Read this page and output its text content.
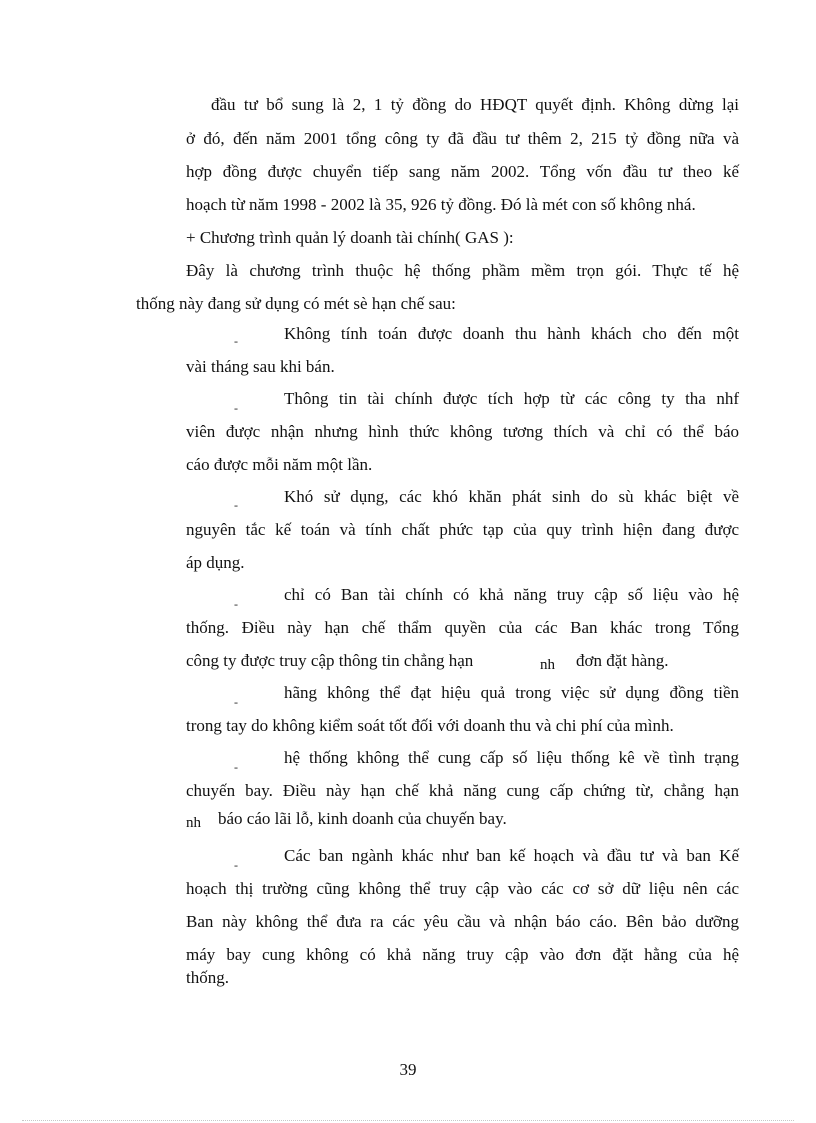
đầu tư bổ sung là 2, 1 tỷ đồng do HĐQT quyết định. Không dừng lại
ở đó, đến năm 2001 tổng công ty đã đầu tư thêm 2, 215 tỷ đồng nữa và
hợp đồng được chuyển tiếp sang năm 2002. Tổng vốn đầu tư theo kế
hoạch từ năm 1998 - 2002 là 35, 926 tỷ đồng. Đó là mét con số không nhá.
+ Chương trình quản lý doanh tài chính( GAS ):
Đây là chương trình thuộc hệ thống phầm mềm trọn gói. Thực tế hệ
thống này đang sử dụng có mét sè hạn chế sau:
-	Không tính toán được doanh thu hành khách cho đến một
vài tháng sau khi bán.
-	Thông tin tài chính được tích hợp từ các công ty tha nhf
viên được nhận nhưng hình thức không tương thích và chỉ có thể báo
cáo được mỗi năm một lần.
-	Khó sử dụng, các khó khăn phát sinh do sù khác biệt về
nguyên tắc kế toán và tính chất phức tạp của quy trình hiện đang được
áp dụng.
-	chỉ có Ban tài chính có khả năng truy cập số liệu vào hệ
thống. Điều này hạn chế thẩm quyền của các Ban khác trong Tổng
công ty được truy cập thông tin chẳng hạn	nh đơn đặt hàng.
-	hãng không thể đạt hiệu quả trong việc sử dụng đồng tiền
trong tay do không kiểm soát tốt đối với doanh thu và chi phí của mình.
-	hệ thống không thể cung cấp số liệu thống kê về tình trạng
chuyến bay. Điều này hạn chế khả năng cung cấp chứng từ, chẳng hạn
nh báo cáo lãi lỗ, kinh doanh của chuyến bay.
-	Các ban ngành khác như ban kế hoạch và đầu tư và ban Kế
hoạch thị trường cũng không thể truy cập vào các cơ sở dữ liệu nên các
Ban này không thể đưa ra các yêu cầu và nhận báo cáo. Bên bảo dưỡng
máy bay cung không có khả năng truy cập vào đơn đặt hằng của hệ
thống.
39
